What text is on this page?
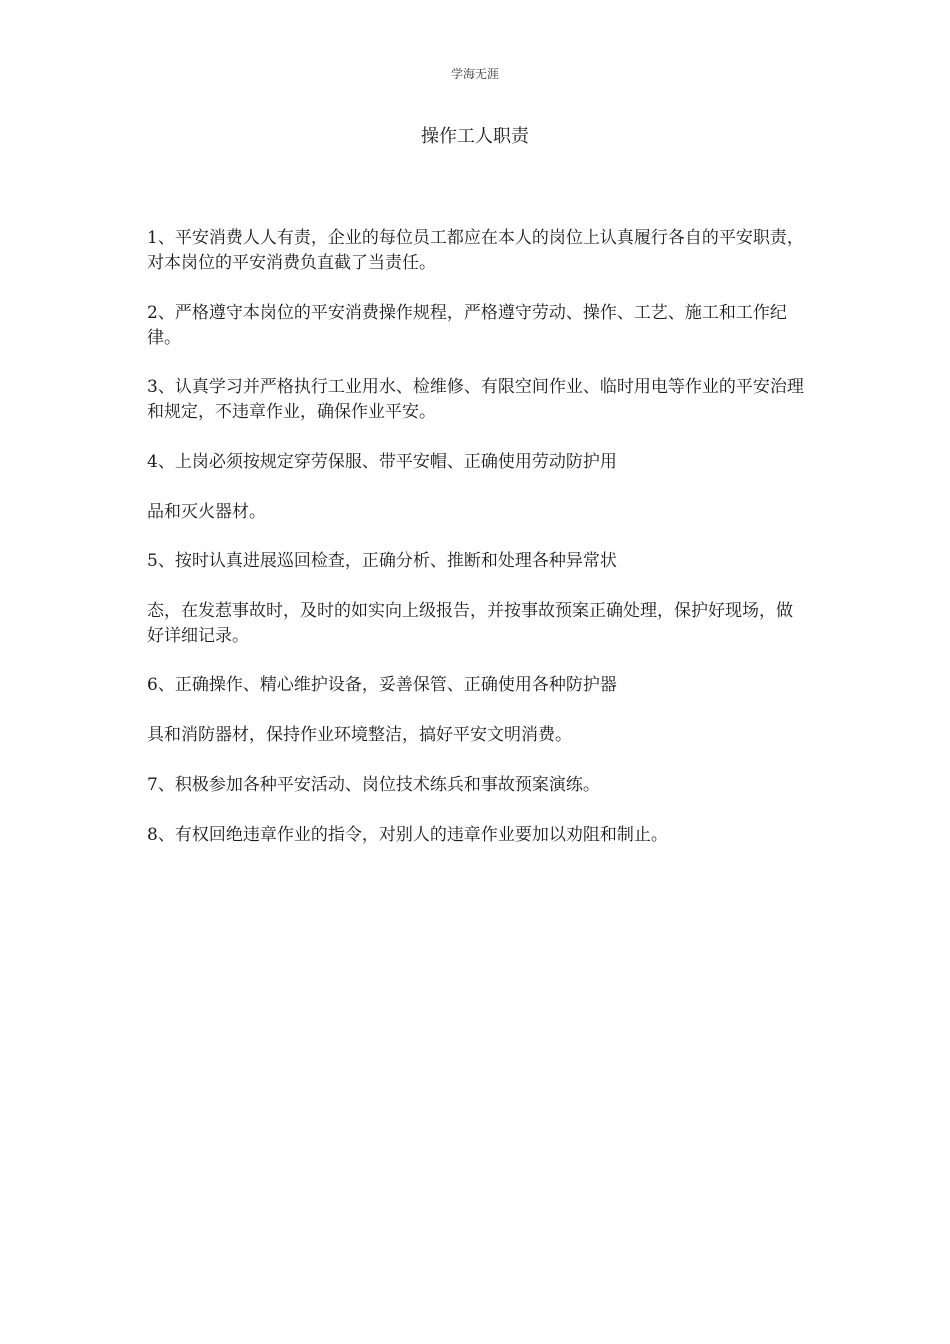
学海无涯
操作工人职责

1、平安消费人人有责，企业的每位员工都应在本人的岗位上认真履行各自的平安职责，对本岗位的平安消费负直截了当责任。

2、严格遵守本岗位的平安消费操作规程，严格遵守劳动、操作、工艺、施工和工作纪律。

3、认真学习并严格执行工业用水、检维修、有限空间作业、临时用电等作业的平安治理和规定，不违章作业，确保作业平安。

4、上岗必须按规定穿劳保服、带平安帽、正确使用劳动防护用

品和灭火器材。

5、按时认真进展巡回检查，正确分析、推断和处理各种异常状

态，在发惹事故时，及时的如实向上级报告，并按事故预案正确处理，保护好现场，做好详细记录。

6、正确操作、精心维护设备，妥善保管、正确使用各种防护器

具和消防器材，保持作业环境整洁，搞好平安文明消费。

7、积极参加各种平安活动、岗位技术练兵和事故预案演练。

8、有权回绝违章作业的指令，对别人的违章作业要加以劝阻和制止。
